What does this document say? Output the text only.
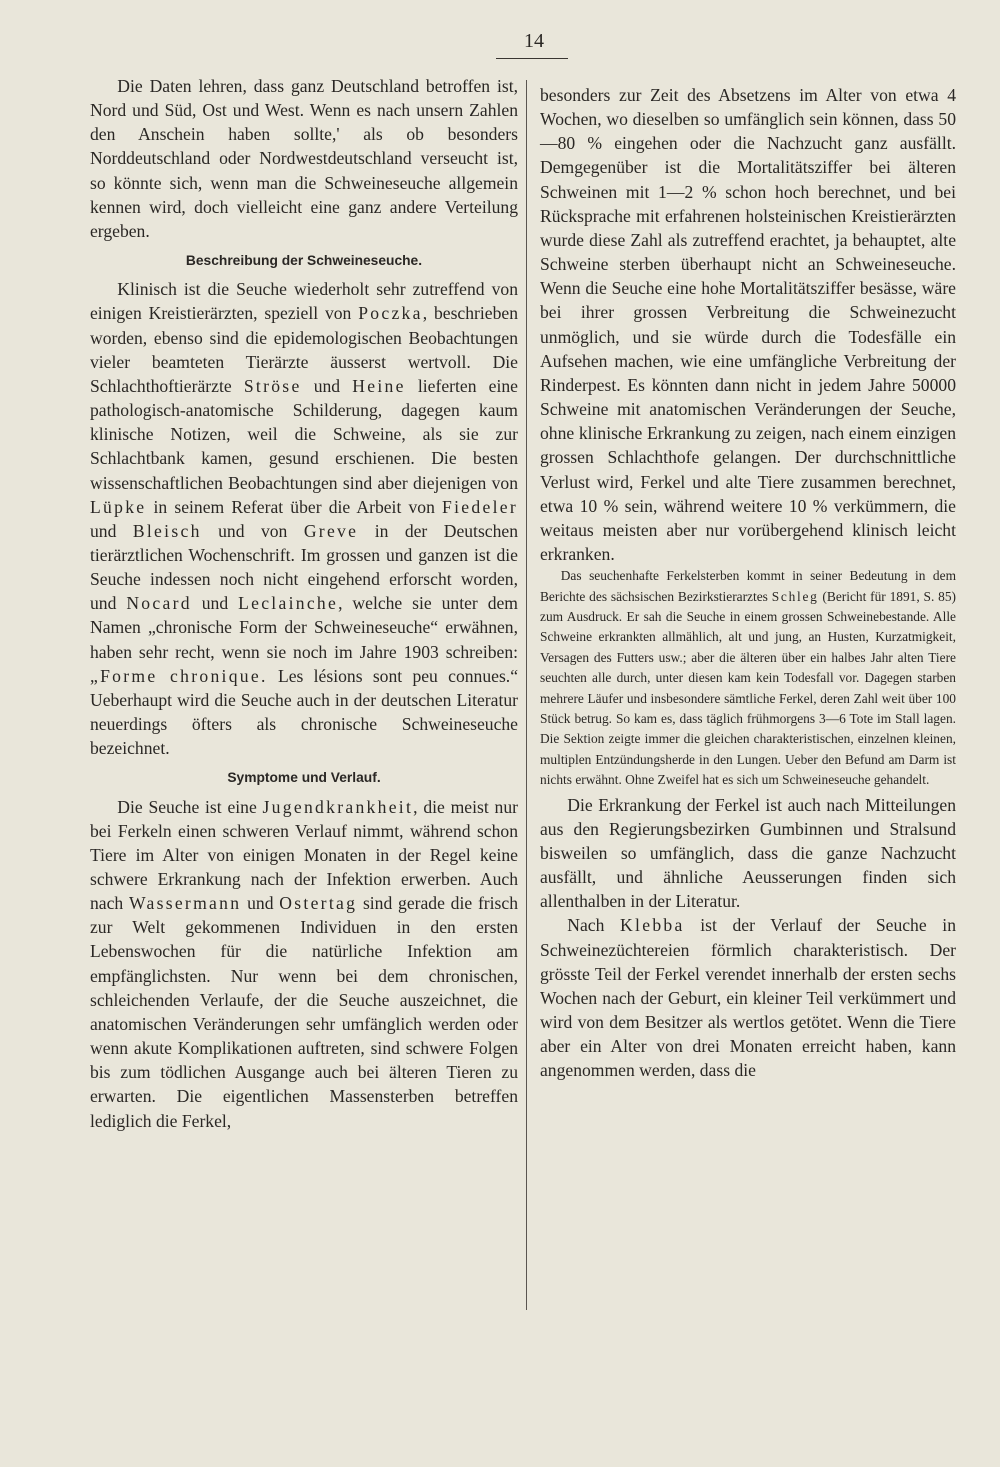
14

Die Daten lehren, dass ganz Deutschland betroffen ist, Nord und Süd, Ost und West. Wenn es nach unsern Zahlen den Anschein haben sollte,' als ob besonders Norddeutschland oder Nordwestdeutschland verseucht ist, so könnte sich, wenn man die Schweineseuche allgemein kennen wird, doch vielleicht eine ganz andere Verteilung ergeben.

Beschreibung der Schweineseuche.

Klinisch ist die Seuche wiederholt sehr zutreffend von einigen Kreistierärzten, speziell von Poczka, beschrieben worden, ebenso sind die epidemologischen Beobachtungen vieler beamteten Tierärzte äusserst wertvoll. Die Schlachthoftierärzte Ströse und Heine lieferten eine pathologisch-anatomische Schilderung, dagegen kaum klinische Notizen, weil die Schweine, als sie zur Schlachtbank kamen, gesund erschienen. Die besten wissenschaftlichen Beobachtungen sind aber diejenigen von Lüpke in seinem Referat über die Arbeit von Fiedeler und Bleisch und von Greve in der Deutschen tierärztlichen Wochenschrift. Im grossen und ganzen ist die Seuche indessen noch nicht eingehend erforscht worden, und Nocard und Leclainche, welche sie unter dem Namen „chronische Form der Schweineseuche“ erwähnen, haben sehr recht, wenn sie noch im Jahre 1903 schreiben: „Forme chronique. Les lésions sont peu connues.“ Ueberhaupt wird die Seuche auch in der deutschen Literatur neuerdings öfters als chronische Schweineseuche bezeichnet.

Symptome und Verlauf.

Die Seuche ist eine Jugendkrankheit, die meist nur bei Ferkeln einen schweren Verlauf nimmt, während schon Tiere im Alter von einigen Monaten in der Regel keine schwere Erkrankung nach der Infektion erwerben. Auch nach Wassermann und Ostertag sind gerade die frisch zur Welt gekommenen Individuen in den ersten Lebenswochen für die natürliche Infektion am empfänglichsten. Nur wenn bei dem chronischen, schleichenden Verlaufe, der die Seuche auszeichnet, die anatomischen Veränderungen sehr umfänglich werden oder wenn akute Komplikationen auftreten, sind schwere Folgen bis zum tödlichen Ausgange auch bei älteren Tieren zu erwarten. Die eigentlichen Massensterben betreffen lediglich die Ferkel,

besonders zur Zeit des Absetzens im Alter von etwa 4 Wochen, wo dieselben so umfänglich sein können, dass 50—80 % eingehen oder die Nachzucht ganz ausfällt. Demgegenüber ist die Mortalitätsziffer bei älteren Schweinen mit 1—2 % schon hoch berechnet, und bei Rücksprache mit erfahrenen holsteinischen Kreistierärzten wurde diese Zahl als zutreffend erachtet, ja behauptet, alte Schweine sterben überhaupt nicht an Schweineseuche. Wenn die Seuche eine hohe Mortalitätsziffer besässe, wäre bei ihrer grossen Verbreitung die Schweinezucht unmöglich, und sie würde durch die Todesfälle ein Aufsehen machen, wie eine umfängliche Verbreitung der Rinderpest. Es könnten dann nicht in jedem Jahre 50000 Schweine mit anatomischen Veränderungen der Seuche, ohne klinische Erkrankung zu zeigen, nach einem einzigen grossen Schlachthofe gelangen. Der durchschnittliche Verlust wird, Ferkel und alte Tiere zusammen berechnet, etwa 10 % sein, während weitere 10 % verkümmern, die weitaus meisten aber nur vorübergehend klinisch leicht erkranken.

Das seuchenhafte Ferkelsterben kommt in seiner Bedeutung in dem Berichte des sächsischen Bezirkstierarztes Schleg (Bericht für 1891, S. 85) zum Ausdruck. Er sah die Seuche in einem grossen Schweinebestande. Alle Schweine erkrankten allmählich, alt und jung, an Husten, Kurzatmigkeit, Versagen des Futters usw.; aber die älteren über ein halbes Jahr alten Tiere seuchten alle durch, unter diesen kam kein Todesfall vor. Dagegen starben mehrere Läufer und insbesondere sämtliche Ferkel, deren Zahl weit über 100 Stück betrug. So kam es, dass täglich frühmorgens 3—6 Tote im Stall lagen. Die Sektion zeigte immer die gleichen charakteristischen, einzelnen kleinen, multiplen Entzündungsherde in den Lungen. Ueber den Befund am Darm ist nichts erwähnt. Ohne Zweifel hat es sich um Schweineseuche gehandelt.

Die Erkrankung der Ferkel ist auch nach Mitteilungen aus den Regierungsbezirken Gumbinnen und Stralsund bisweilen so umfänglich, dass die ganze Nachzucht ausfällt, und ähnliche Aeusserungen finden sich allenthalben in der Literatur.

Nach Klebba ist der Verlauf der Seuche in Schweinezüchtereien förmlich charakteristisch. Der grösste Teil der Ferkel verendet innerhalb der ersten sechs Wochen nach der Geburt, ein kleiner Teil verkümmert und wird von dem Besitzer als wertlos getötet. Wenn die Tiere aber ein Alter von drei Monaten erreicht haben, kann angenommen werden, dass die
